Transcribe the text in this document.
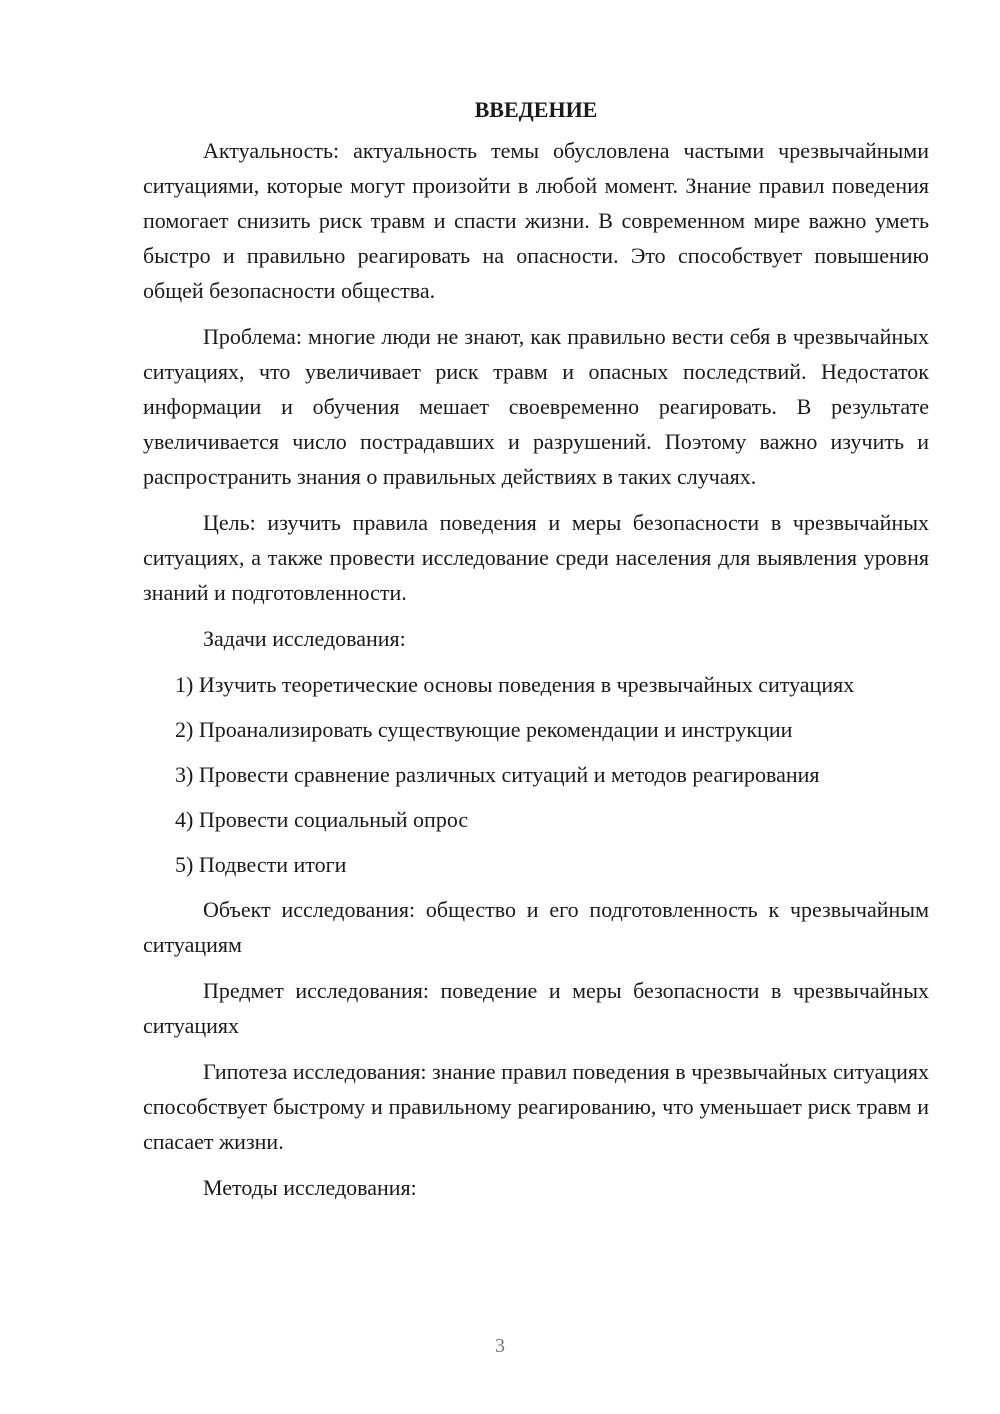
ВВЕДЕНИЕ

Актуальность: актуальность темы обусловлена частыми чрезвычайными ситуациями, которые могут произойти в любой момент. Знание правил поведения помогает снизить риск травм и спасти жизни. В современном мире важно уметь быстро и правильно реагировать на опасности. Это способствует повышению общей безопасности общества.

Проблема: многие люди не знают, как правильно вести себя в чрезвычайных ситуациях, что увеличивает риск травм и опасных последствий. Недостаток информации и обучения мешает своевременно реагировать. В результате увеличивается число пострадавших и разрушений. Поэтому важно изучить и распространить знания о правильных действиях в таких случаях.

Цель: изучить правила поведения и меры безопасности в чрезвычайных ситуациях, а также провести исследование среди населения для выявления уровня знаний и подготовленности.

Задачи исследования:

1) Изучить теоретические основы поведения в чрезвычайных ситуациях

2) Проанализировать существующие рекомендации и инструкции

3) Провести сравнение различных ситуаций и методов реагирования

4) Провести социальный опрос

5) Подвести итоги

Объект исследования: общество и его подготовленность к чрезвычайным ситуациям

Предмет исследования: поведение и меры безопасности в чрезвычайных ситуациях

Гипотеза исследования: знание правил поведения в чрезвычайных ситуациях способствует быстрому и правильному реагированию, что уменьшает риск травм и спасает жизни.

Методы исследования:

3
